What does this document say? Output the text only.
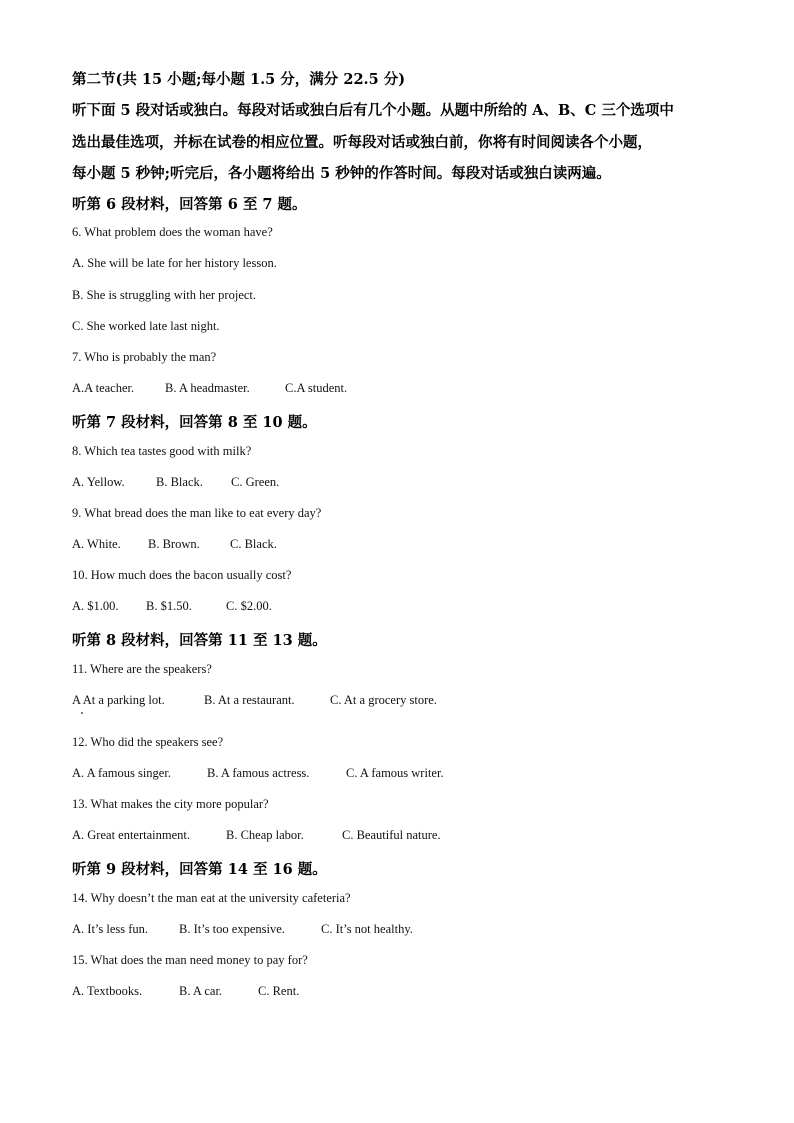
第二节(共 15 小题;每小题 1.5 分，满分 22.5 分)
听下面 5 段对话或独白。每段对话或独白后有几个小题。从题中所给的 A、B、C 三个选项中
选出最佳选项，并标在试卷的相应位置。听每段对话或独白前，你将有时间阅读各个小题，
每小题 5 秒钟;听完后，各小题将给出 5 秒钟的作答时间。每段对话或独白读两遍。
听第 6 段材料，回答第 6 至 7 题。
6. What problem does the woman have?
A. She will be late for her history lesson.
B. She is struggling with her project.
C. She worked late last night.
7. Who is probably the man?
A.A teacher. B. A headmaster.	C.A student.
听第 7 段材料，回答第 8 至 10 题。
8. Which tea tastes good with milk?
A. Yellow.	B. Black. C. Green.
9. What bread does the man like to eat every day?
A. White. B. Brown. C. Black.
10. How much does the bacon usually cost?
A. $1.00. B. $1.50.	C. $2.00.
听第 8 段材料，回答第 11 至 13 题。
11. Where are the speakers?
A At a parking lot.	B. At a restaurant.	C. At a grocery store.
12. Who did the speakers see?
A. A famous singer.	B. A famous actress.	C. A famous writer.
13. What makes the city more popular?
A. Great entertainment.	B. Cheap labor.	C. Beautiful nature.
听第 9 段材料，回答第 14 至 16 题。
14. Why doesn’t the man eat at the university cafeteria?
A. It’s less fun. B. It’s too expensive.	C. It’s not healthy.
15. What does the man need money to pay for?
A. Textbooks.	B. A car.	C. Rent.
